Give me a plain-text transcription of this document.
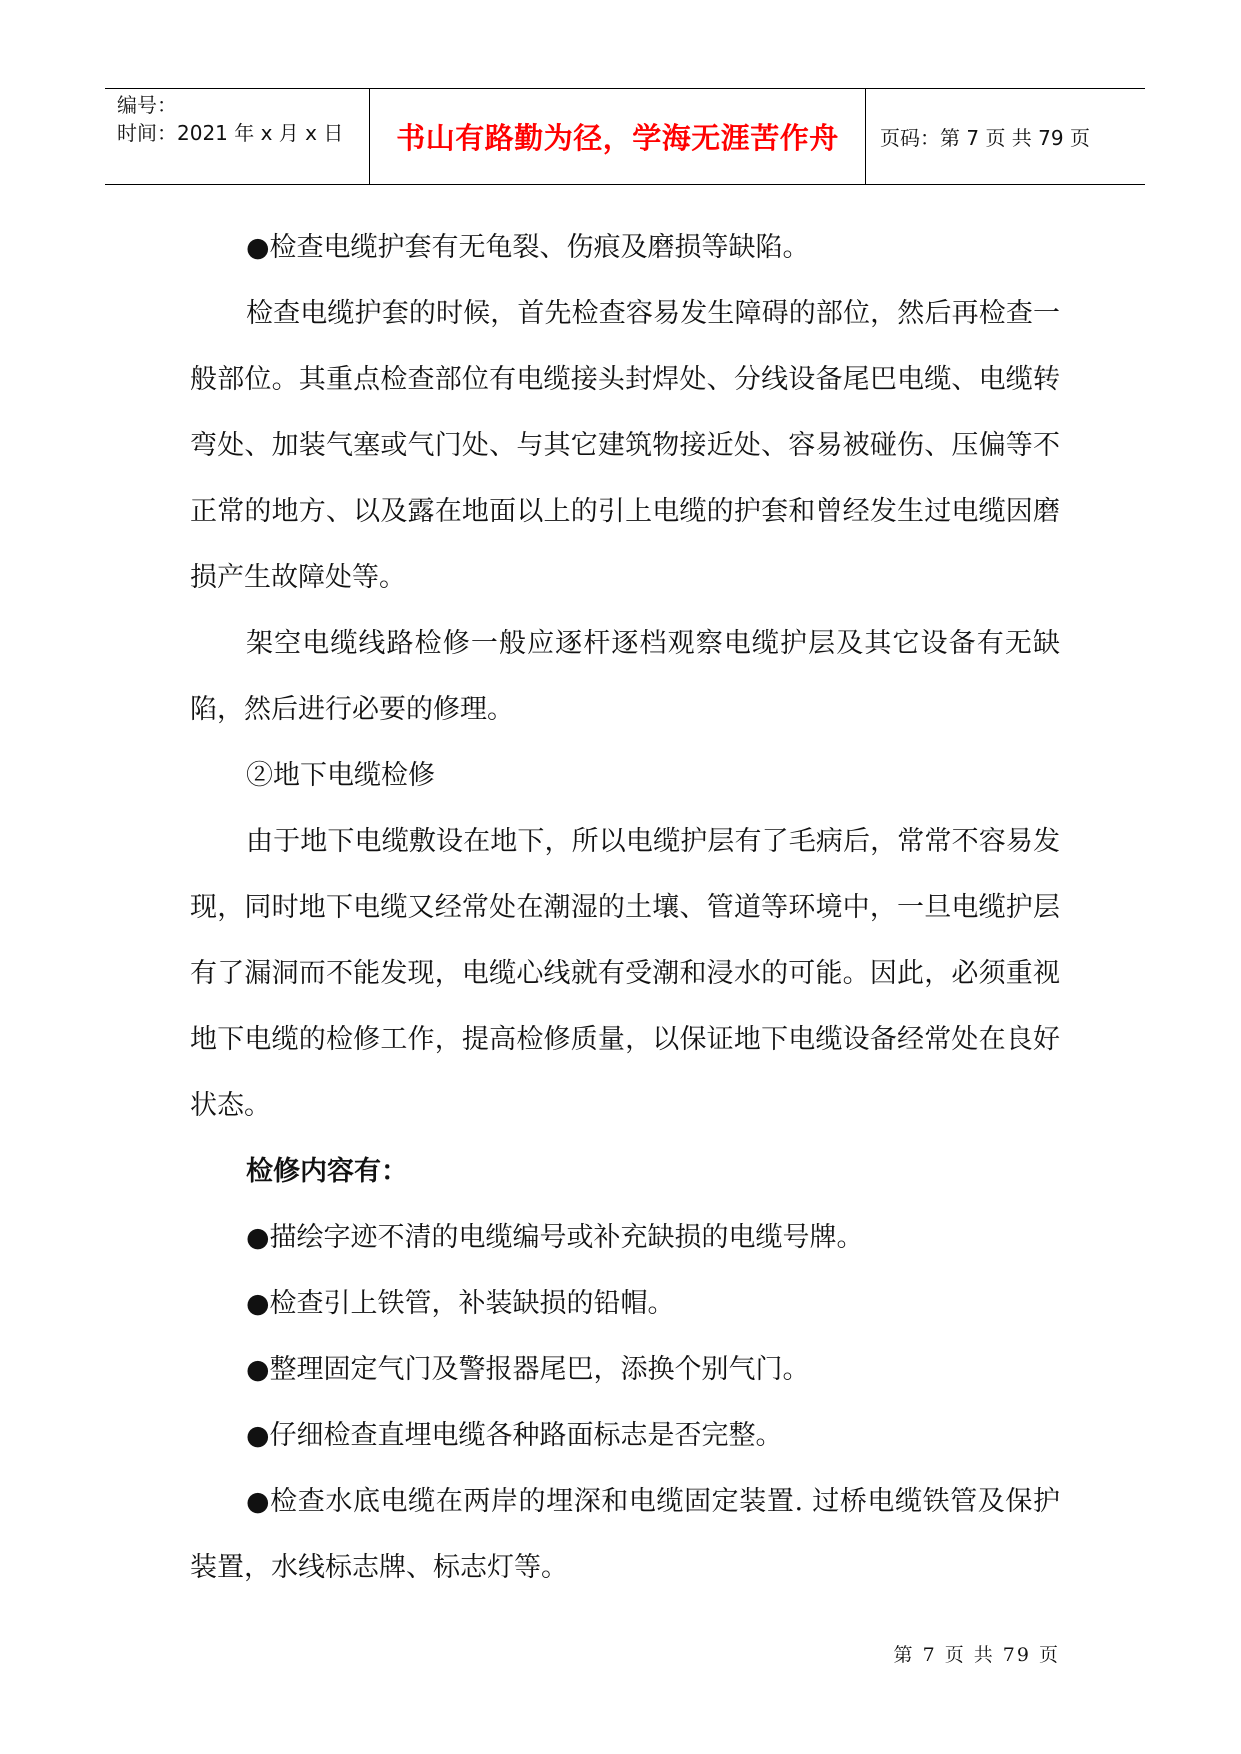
编号：
时间：2021 年 x 月 x 日	书山有路勤为径，学海无涯苦作舟	页码：第 7 页 共 79 页

●检查电缆护套有无龟裂、伤痕及磨损等缺陷。

检查电缆护套的时候，首先检查容易发生障碍的部位，然后再检查一般部位。其重点检查部位有电缆接头封焊处、分线设备尾巴电缆、电缆转弯处、加装气塞或气门处、与其它建筑物接近处、容易被碰伤、压偏等不正常的地方、以及露在地面以上的引上电缆的护套和曾经发生过电缆因磨损产生故障处等。

架空电缆线路检修一般应逐杆逐档观察电缆护层及其它设备有无缺陷，然后进行必要的修理。

②地下电缆检修

由于地下电缆敷设在地下，所以电缆护层有了毛病后，常常不容易发现，同时地下电缆又经常处在潮湿的土壤、管道等环境中，一旦电缆护层有了漏洞而不能发现，电缆心线就有受潮和浸水的可能。因此，必须重视地下电缆的检修工作，提高检修质量，以保证地下电缆设备经常处在良好状态。

检修内容有：

●描绘字迹不清的电缆编号或补充缺损的电缆号牌。

●检查引上铁管，补装缺损的铅帽。

●整理固定气门及警报器尾巴，添换个别气门。

●仔细检查直埋电缆各种路面标志是否完整。

●检查水底电缆在两岸的埋深和电缆固定装置. 过桥电缆铁管及保护装置，水线标志牌、标志灯等。

第 7 页 共 79 页
